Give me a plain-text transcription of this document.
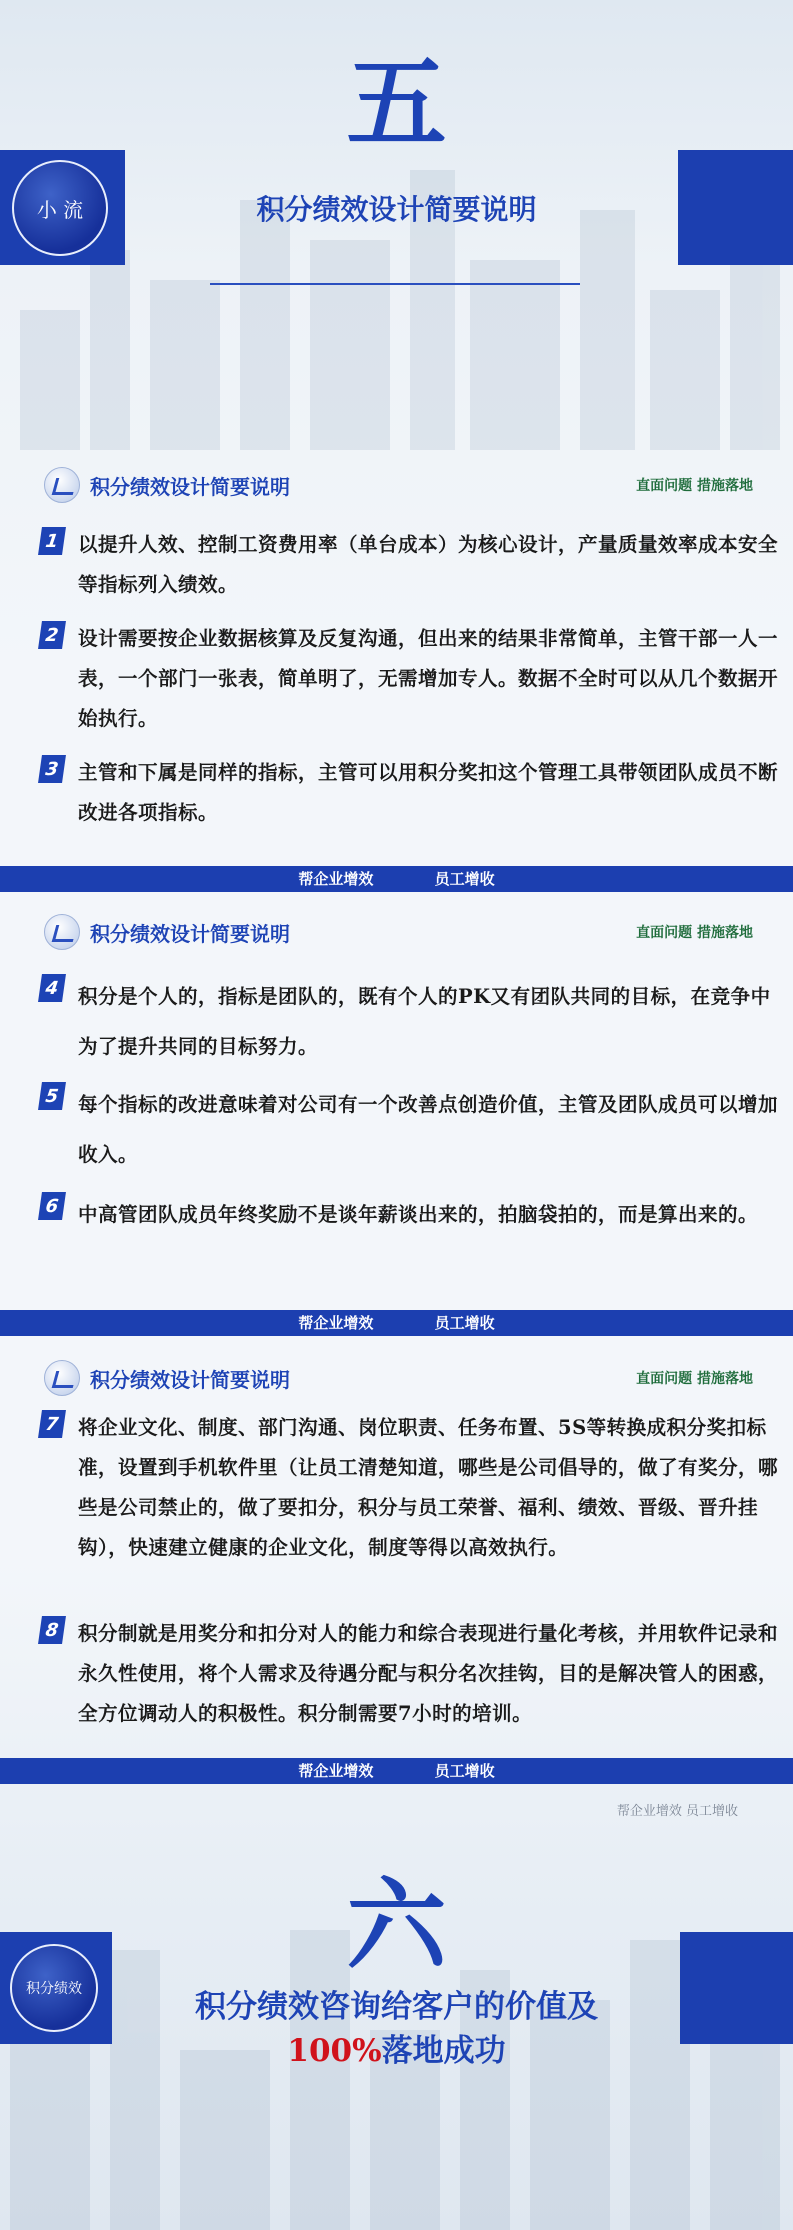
五
小 流	积分绩效设计简要说明
积分绩效设计简要说明	直面问题 措施落地
1 以提升人效、控制工资费用率（单台成本）为核心设计，产量质量效率成本安全等指标列入绩效。
2 设计需要按企业数据核算及反复沟通，但出来的结果非常简单，主管干部一人一表，一个部门一张表，简单明了，无需增加专人。数据不全时可以从几个数据开始执行。
3 主管和下属是同样的指标，主管可以用积分奖扣这个管理工具带领团队成员不断改进各项指标。
帮企业增效	员工增收
积分绩效设计简要说明	直面问题 措施落地
4 积分是个人的，指标是团队的，既有个人的PK又有团队共同的目标，在竞争中为了提升共同的目标努力。
5 每个指标的改进意味着对公司有一个改善点创造价值，主管及团队成员可以增加收入。
6 中高管团队成员年终奖励不是谈年薪谈出来的，拍脑袋拍的，而是算出来的。
帮企业增效	员工增收
积分绩效设计简要说明	直面问题 措施落地
7 将企业文化、制度、部门沟通、岗位职责、任务布置、5S等转换成积分奖扣标准，设置到手机软件里（让员工清楚知道，哪些是公司倡导的，做了有奖分，哪些是公司禁止的，做了要扣分，积分与员工荣誉、福利、绩效、晋级、晋升挂钩），快速建立健康的企业文化，制度等得以高效执行。
8 积分制就是用奖分和扣分对人的能力和综合表现进行量化考核，并用软件记录和永久性使用，将个人需求及待遇分配与积分名次挂钩，目的是解决管人的困惑，全方位调动人的积极性。积分制需要7小时的培训。
帮企业增效	员工增收
帮企业增效 员工增收
六
积分绩效	积分绩效咨询给客户的价值及
100%落地成功
